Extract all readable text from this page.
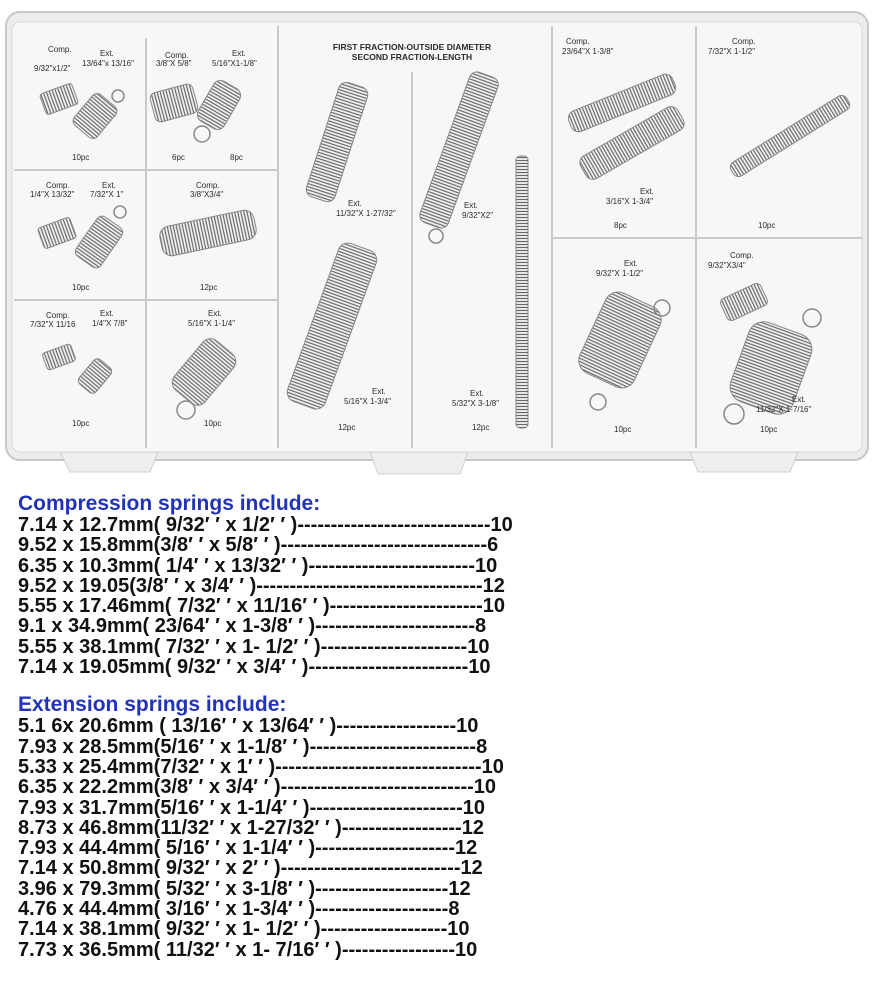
FIRST FRACTION-OUTSIDE DIAMETER
SECOND FRACTION-LENGTH
Comp.
9/32"x1/2"
Ext.
13/64"x 13/16"
10pc
Comp.
3/8"X 5/8"
Ext.
5/16"X1-1/8"
6pc	8pc
Comp.
1/4"X 13/32"
Ext.
7/32"X 1"
10pc
Comp.
3/8"X3/4"
12pc
Comp.
7/32"X 11/16
Ext.
1/4"X 7/8"
10pc
Ext.
5/16"X 1-1/4"
10pc
Ext.
11/32"X 1-27/32"
Ext.
5/16"X 1-3/4"
12pc
Ext.
9/32"X2"
Ext.
5/32"X 3-1/8"
12pc
Comp.
23/64"X 1-3/8"
Ext.
3/16"X 1-3/4"
8pc
Comp.
7/32"X 1-1/2"
10pc
Ext.
9/32"X 1-1/2"
10pc
Comp.
9/32"X3/4"
Ext.
11/32"X 1-7/16"
10pc

Compression springs include:

7.14 x 12.7mm( 9/32′ ′ x 1/2′ ′ )-----------------------------10

9.52 x 15.8mm(3/8′ ′ x 5/8′ ′ )-------------------------------6

6.35 x 10.3mm( 1/4′ ′ x 13/32′ ′ )-------------------------10

9.52 x 19.05(3/8′ ′ x 3/4′ ′ )----------------------------------12

5.55 x 17.46mm( 7/32′ ′ x 11/16′ ′ )-----------------------10

9.1 x 34.9mm( 23/64′ ′ x 1-3/8′ ′ )------------------------8

5.55 x 38.1mm( 7/32′ ′ x 1- 1/2′ ′ )----------------------10

7.14 x 19.05mm( 9/32′ ′ x 3/4′ ′ )------------------------10

Extension springs include:

5.1 6x 20.6mm ( 13/16′ ′ x 13/64′ ′ )------------------10

7.93 x 28.5mm(5/16′ ′ x 1-1/8′ ′ )-------------------------8

5.33 x 25.4mm(7/32′ ′ x 1′ ′ )-------------------------------10

6.35 x 22.2mm(3/8′ ′ x 3/4′ ′ )-----------------------------10

7.93 x 31.7mm(5/16′ ′ x 1-1/4′ ′ )-----------------------10

8.73 x 46.8mm(11/32′ ′ x 1-27/32′ ′ )------------------12

7.93 x 44.4mm( 5/16′ ′ x 1-1/4′ ′ )---------------------12

7.14 x 50.8mm( 9/32′ ′ x 2′ ′ )---------------------------12

3.96 x 79.3mm( 5/32′ ′ x 3-1/8′ ′ )--------------------12

4.76 x 44.4mm( 3/16′ ′ x 1-3/4′ ′ )--------------------8

7.14 x 38.1mm( 9/32′ ′ x 1- 1/2′ ′ )-------------------10

7.73 x 36.5mm( 11/32′ ′ x 1- 7/16′ ′ )-----------------10
